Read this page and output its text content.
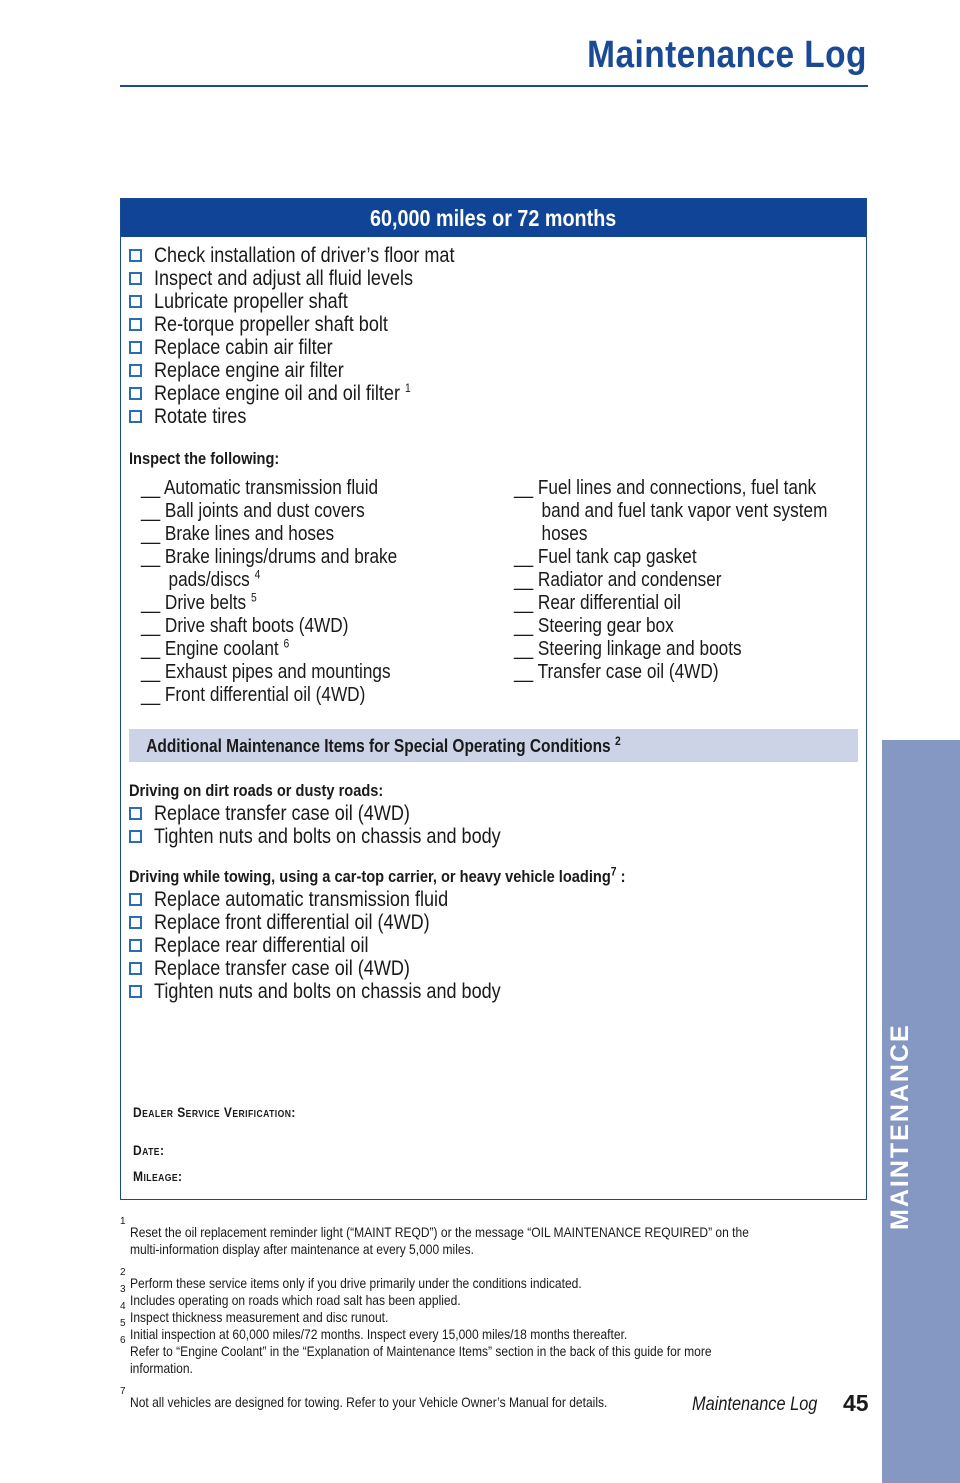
Maintenance Log
60,000 miles or 72 months
Check installation of driver’s floor mat
Inspect and adjust all fluid levels
Lubricate propeller shaft
Re-torque propeller shaft bolt
Replace cabin air filter
Replace engine air filter
Replace engine oil and oil filter $^1$
Rotate tires
Inspect the following:
__ Automatic transmission fluid
__ Ball joints and dust covers
__ Brake lines and hoses
__ Brake linings/drums and brake
pads/discs $^4$
__ Drive belts $^5$
__ Drive shaft boots (4WD)
__ Engine coolant $^6$
__ Exhaust pipes and mountings
__ Front differential oil (4WD)
__ Fuel lines and connections, fuel tank
band and fuel tank vapor vent system
hoses
__ Fuel tank cap gasket
__ Radiator and condenser
__ Rear differential oil
__ Steering gear box
__ Steering linkage and boots
__ Transfer case oil (4WD)
Additional Maintenance Items for Special Operating Conditions $^2$
Driving on dirt roads or dusty roads:
Replace transfer case oil (4WD)
Tighten nuts and bolts on chassis and body
Driving while towing, using a car-top carrier, or heavy vehicle loading$^7$ :
Replace automatic transmission fluid
Replace front differential oil (4WD)
Replace rear differential oil
Replace transfer case oil (4WD)
Tighten nuts and bolts on chassis and body
Dealer Service Verification:
Date:
Mileage:
$^1$
Reset the oil replacement reminder light (“MAINT REQD”) or the message “OIL MAINTENANCE REQUIRED” on the multi-information display after maintenance at every 5,000 miles.
$^2$
Perform these service items only if you drive primarily under the conditions indicated.
$^3$
Includes operating on roads which road salt has been applied.
$^4$
Inspect thickness measurement and disc runout.
$^5$
Initial inspection at 60,000 miles/72 months. Inspect every 15,000 miles/18 months thereafter.
$^6$
Refer to “Engine Coolant” in the “Explanation of Maintenance Items” section in the back of this guide for more information.
$^7$
Not all vehicles are designed for towing. Refer to your Vehicle Owner’s Manual for details.	Maintenance Log 45
MAINTENANCE
